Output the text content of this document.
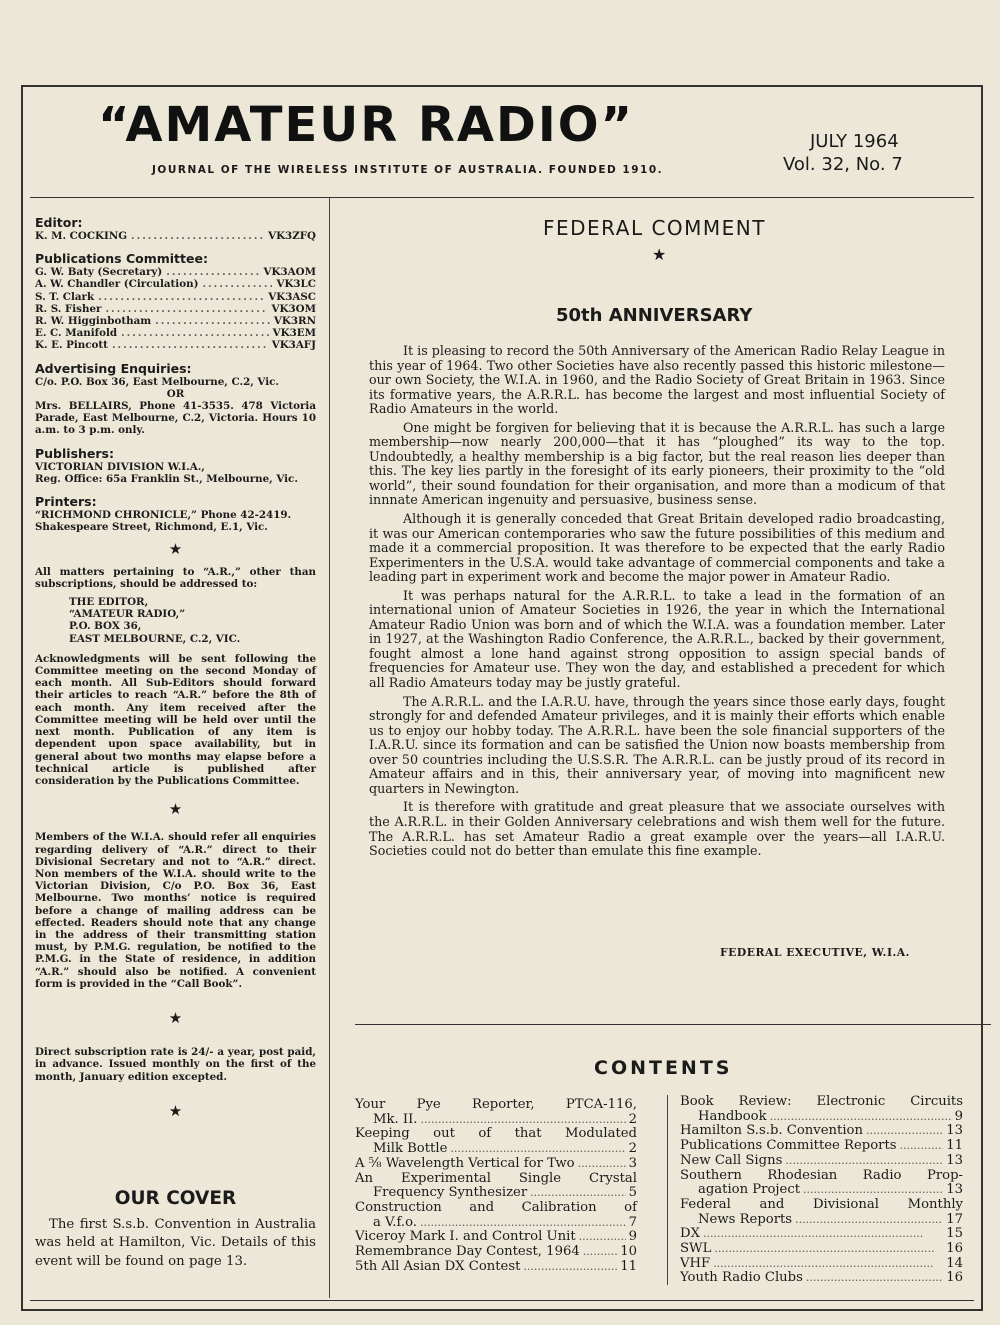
“AMATEUR RADIO”
JOURNAL OF THE WIRELESS INSTITUTE OF AUSTRALIA. FOUNDED 1910.
JULY 1964
Vol. 32, No. 7
Editor:
K. M. COCKING .....	VK3ZFQ
Publications Committee:
G. W. Baty (Secretary) .....	VK3AOM
A. W. Chandler (Circulation) .....	VK3LC
S. T. Clark .....	VK3ASC
R. S. Fisher .....	VK3OM
R. W. Higginbotham .....	VK3RN
E. C. Manifold .....	VK3EM
K. E. Pincott .....	VK3AFJ
Advertising Enquiries:
C/o. P.O. Box 36, East Melbourne, C.2, Vic.
OR
Mrs. BELLAIRS, Phone 41-3535. 478 Victoria Parade, East Melbourne, C.2, Victoria. Hours 10 a.m. to 3 p.m. only.
Publishers:
VICTORIAN DIVISION W.I.A.,
Reg. Office: 65a Franklin St., Melbourne, Vic.
Printers:
“RICHMOND CHRONICLE,” Phone 42-2419.
Shakespeare Street, Richmond, E.1, Vic.
★
All matters pertaining to “A.R.,” other than subscriptions, should be addressed to:
THE EDITOR,
“AMATEUR RADIO,”
P.O. BOX 36,
EAST MELBOURNE, C.2, VIC.
Acknowledgments will be sent following the Committee meeting on the second Monday of each month. All Sub-Editors should forward their articles to reach “A.R.” before the 8th of each month. Any item received after the Committee meeting will be held over until the next month. Publication of any item is dependent upon space availability, but in general about two months may elapse before a technical article is published after consideration by the Publications Committee.
★
Members of the W.I.A. should refer all enquiries regarding delivery of “A.R.” direct to their Divisional Secretary and not to “A.R.” direct. Non members of the W.I.A. should write to the Victorian Division, C/o P.O. Box 36, East Melbourne. Two months’ notice is required before a change of mailing address can be effected. Readers should note that any change in the address of their transmitting station must, by P.M.G. regulation, be notified to the P.M.G. in the State of residence, in addition “A.R.” should also be notified. A convenient form is provided in the “Call Book”.
★
Direct subscription rate is 24/- a year, post paid, in advance. Issued monthly on the first of the month, January edition excepted.
★
OUR COVER
The first S.s.b. Convention in Australia was held at Hamilton, Vic. Details of this event will be found on page 13.
FEDERAL COMMENT
★
50th ANNIVERSARY

It is pleasing to record the 50th Anniversary of the American Radio Relay League in this year of 1964. Two other Societies have also recently passed this historic milestone—our own Society, the W.I.A. in 1960, and the Radio Society of Great Britain in 1963. Since its formative years, the A.R.R.L. has become the largest and most influential Society of Radio Amateurs in the world.

One might be forgiven for believing that it is because the A.R.R.L. has such a large membership—now nearly 200,000—that it has “ploughed” its way to the top. Undoubtedly, a healthy membership is a big factor, but the real reason lies deeper than this. The key lies partly in the foresight of its early pioneers, their proximity to the “old world”, their sound foundation for their organisation, and more than a modicum of that innnate American ingenuity and persuasive, business sense.

Although it is generally conceded that Great Britain developed radio broadcasting, it was our American contemporaries who saw the future possibilities of this medium and made it a commercial proposition. It was therefore to be expected that the early Radio Experimenters in the U.S.A. would take advantage of commercial components and take a leading part in experiment work and become the major power in Amateur Radio.

It was perhaps natural for the A.R.R.L. to take a lead in the formation of an international union of Amateur Societies in 1926, the year in which the International Amateur Radio Union was born and of which the W.I.A. was a foundation member. Later in 1927, at the Washington Radio Conference, the A.R.R.L., backed by their government, fought almost a lone hand against strong opposition to assign special bands of frequencies for Amateur use. They won the day, and established a precedent for which all Radio Amateurs today may be justly grateful.

The A.R.R.L. and the I.A.R.U. have, through the years since those early days, fought strongly for and defended Amateur privileges, and it is mainly their efforts which enable us to enjoy our hobby today. The A.R.R.L. have been the sole financial supporters of the I.A.R.U. since its formation and can be satisfied the Union now boasts membership from over 50 countries including the U.S.S.R. The A.R.R.L. can be justly proud of its record in Amateur affairs and in this, their anniversary year, of moving into magnificent new quarters in Newington.

It is therefore with gratitude and great pleasure that we associate ourselves with the A.R.R.L. in their Golden Anniversary celebrations and wish them well for the future. The A.R.R.L. has set Amateur Radio a great example over the years—all I.A.R.U. Societies could not do better than emulate this fine example.

FEDERAL EXECUTIVE, W.I.A.
CONTENTS
Your Pye Reporter, PTCA-116,
Mk. II. .....	2
Keeping out of that Modulated
Milk Bottle .....	2
A ⅝ Wavelength Vertical for Two .....	3
An Experimental Single Crystal
Frequency Synthesizer .....	5
Construction and Calibration of
a V.f.o. .....	7
Viceroy Mark I. and Control Unit .....	9
Remembrance Day Contest, 1964 .....	10
5th All Asian DX Contest .....	11
Book Review: Electronic Circuits
Handbook .....	9
Hamilton S.s.b. Convention .....	13
Publications Committee Reports .....	11
New Call Signs .....	13
Southern Rhodesian Radio Prop-
agation Project .....	13
Federal and Divisional Monthly
News Reports .....	17
DX .....	15
SWL .....	16
VHF .....	14
Youth Radio Clubs .....	16
